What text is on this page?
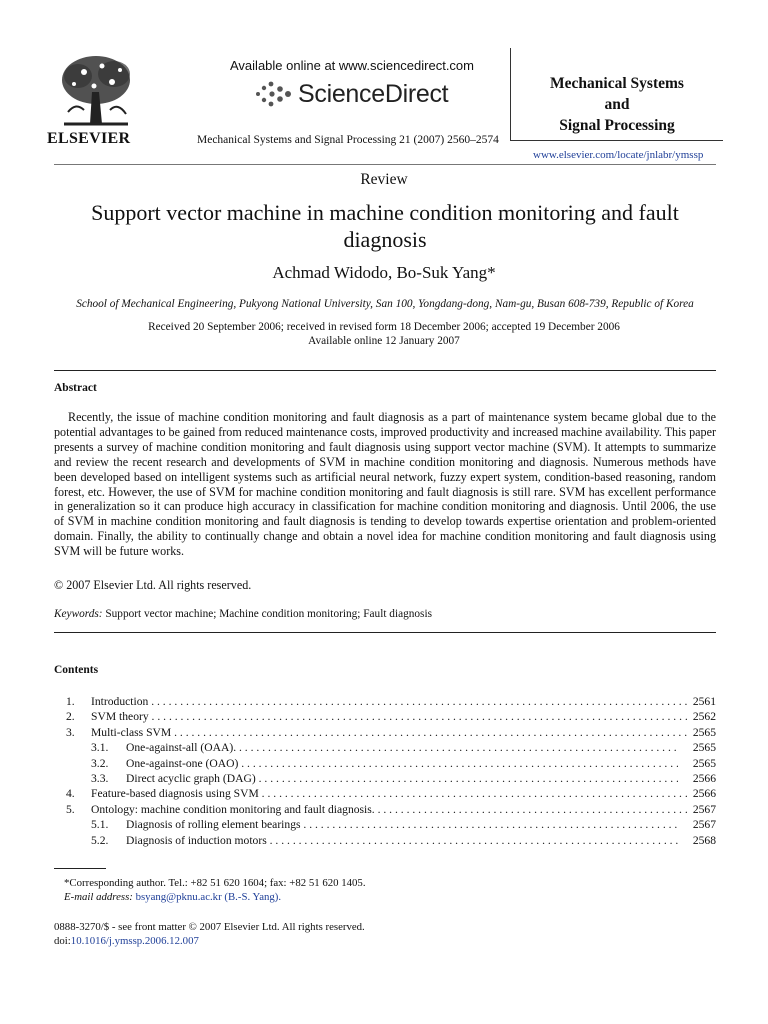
ELSEVIER
Available online at www.sciencedirect.com
ScienceDirect
Mechanical Systems and Signal Processing 21 (2007) 2560–2574
Mechanical Systems
and
Signal Processing
www.elsevier.com/locate/jnlabr/ymssp
Review
Support vector machine in machine condition monitoring and fault diagnosis
Achmad Widodo, Bo-Suk Yang*
School of Mechanical Engineering, Pukyong National University, San 100, Yongdang-dong, Nam-gu, Busan 608-739, Republic of Korea
Received 20 September 2006; received in revised form 18 December 2006; accepted 19 December 2006
Available online 12 January 2007
Abstract
Recently, the issue of machine condition monitoring and fault diagnosis as a part of maintenance system became global due to the potential advantages to be gained from reduced maintenance costs, improved productivity and increased machine availability. This paper presents a survey of machine condition monitoring and fault diagnosis using support vector machine (SVM). It attempts to summarize and review the recent research and developments of SVM in machine condition monitoring and diagnosis. Numerous methods have been developed based on intelligent systems such as artificial neural network, fuzzy expert system, condition-based reasoning, random forest, etc. However, the use of SVM for machine condition monitoring and fault diagnosis is still rare. SVM has excellent performance in generalization so it can produce high accuracy in classification for machine condition monitoring and diagnosis. Until 2006, the use of SVM in machine condition monitoring and fault diagnosis is tending to develop towards expertise orientation and problem-oriented domain. Finally, the ability to continually change and obtain a novel idea for machine condition monitoring and fault diagnosis using SVM will be future works.
© 2007 Elsevier Ltd. All rights reserved.
Keywords: Support vector machine; Machine condition monitoring; Fault diagnosis
Contents
1. Introduction . . .	2561
2. SVM theory . . .	2562
3. Multi-class SVM . . .	2565
3.1. One-against-all (OAA). . . .	2565
3.2. One-against-one (OAO) . . .	2565
3.3. Direct acyclic graph (DAG) . . .	2566
4. Feature-based diagnosis using SVM . . .	2566
5. Ontology: machine condition monitoring and fault diagnosis. . . .	2567
5.1. Diagnosis of rolling element bearings . . .	2567
5.2. Diagnosis of induction motors . . .	2568
*Corresponding author. Tel.: +82 51 620 1604; fax: +82 51 620 1405.
E-mail address: bsyang@pknu.ac.kr (B.-S. Yang).
0888-3270/$ - see front matter © 2007 Elsevier Ltd. All rights reserved.
doi:10.1016/j.ymssp.2006.12.007
